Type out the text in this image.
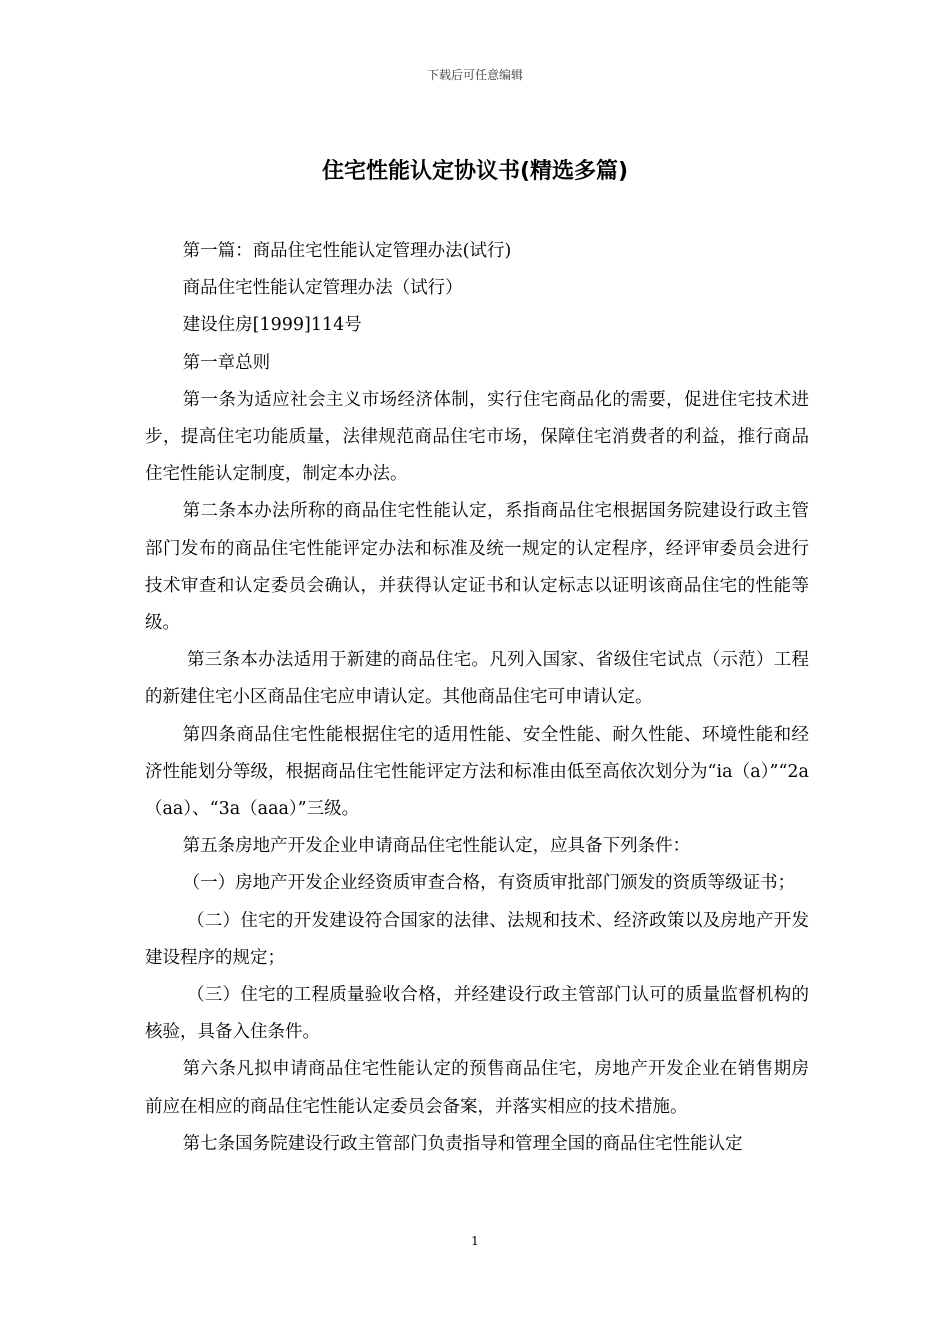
下载后可任意编辑
住宅性能认定协议书(精选多篇)

第一篇：商品住宅性能认定管理办法(试行)

商品住宅性能认定管理办法（试行）

建设住房[1999]114号

第一章总则

第一条为适应社会主义市场经济体制，实行住宅商品化的需要，促进住宅技术进步，提高住宅功能质量，法律规范商品住宅市场，保障住宅消费者的利益，推行商品住宅性能认定制度，制定本办法。

第二条本办法所称的商品住宅性能认定，系指商品住宅根据国务院建设行政主管部门发布的商品住宅性能评定办法和标准及统一规定的认定程序，经评审委员会进行技术审查和认定委员会确认，并获得认定证书和认定标志以证明该商品住宅的性能等级。

第三条本办法适用于新建的商品住宅。凡列入国家、省级住宅试点（示范）工程的新建住宅小区商品住宅应申请认定。其他商品住宅可申请认定。

第四条商品住宅性能根据住宅的适用性能、安全性能、耐久性能、环境性能和经济性能划分等级，根据商品住宅性能评定方法和标准由低至高依次划分为“ia（a）”“2a（aa）、“3a（aaa）”三级。

第五条房地产开发企业申请商品住宅性能认定，应具备下列条件：

（一）房地产开发企业经资质审查合格，有资质审批部门颁发的资质等级证书；

（二）住宅的开发建设符合国家的法律、法规和技术、经济政策以及房地产开发建设程序的规定；

（三）住宅的工程质量验收合格，并经建设行政主管部门认可的质量监督机构的核验，具备入住条件。

第六条凡拟申请商品住宅性能认定的预售商品住宅，房地产开发企业在销售期房前应在相应的商品住宅性能认定委员会备案，并落实相应的技术措施。

第七条国务院建设行政主管部门负责指导和管理全国的商品住宅性能认定

1
